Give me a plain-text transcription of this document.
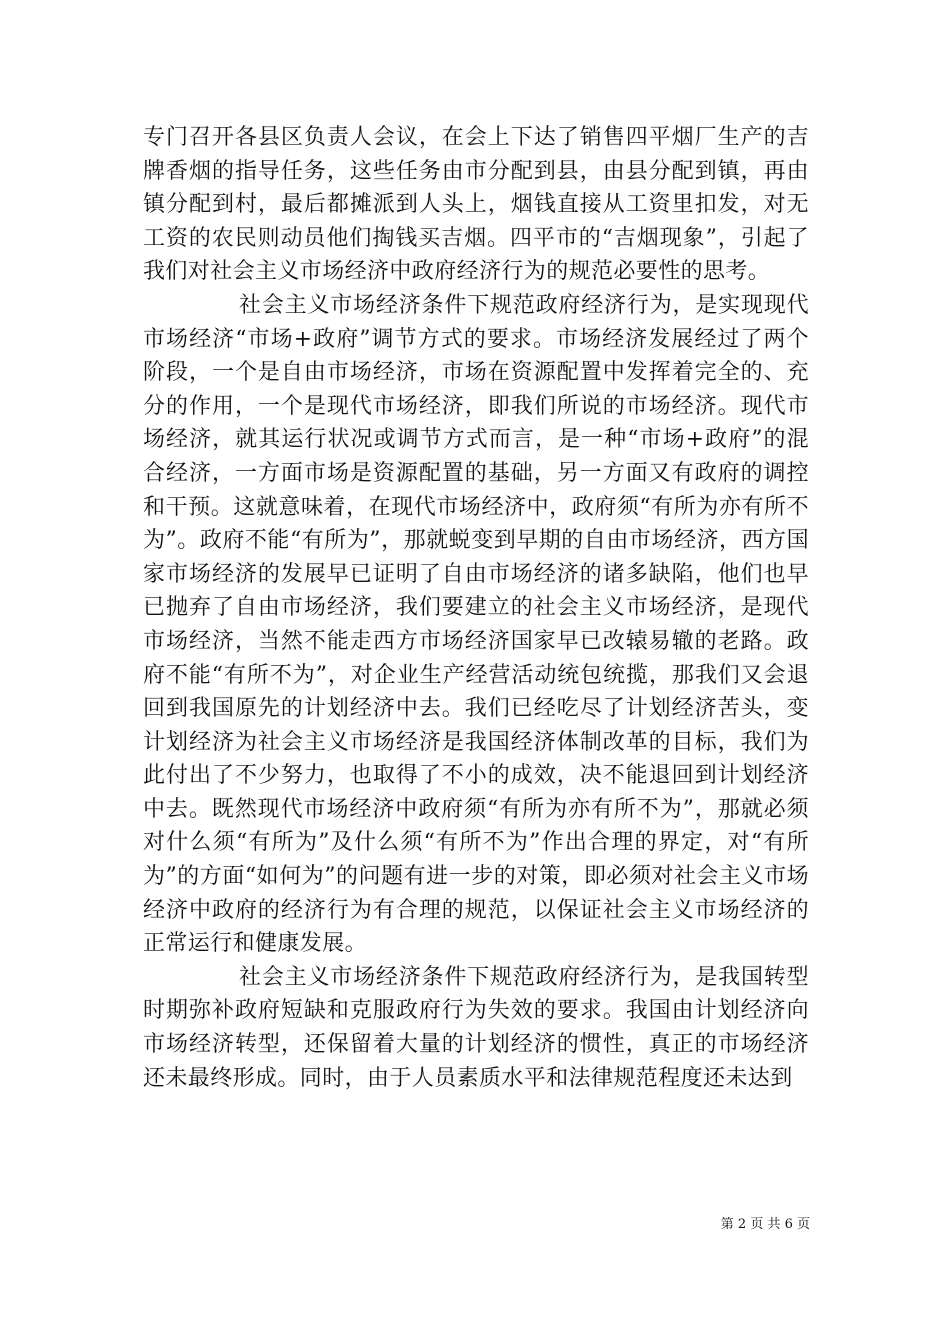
专门召开各县区负责人会议，在会上下达了销售四平烟厂生产的吉牌香烟的指导任务，这些任务由市分配到县，由县分配到镇，再由镇分配到村，最后都摊派到人头上，烟钱直接从工资里扣发，对无工资的农民则动员他们掏钱买吉烟。四平市的“吉烟现象”，引起了我们对社会主义市场经济中政府经济行为的规范必要性的思考。

社会主义市场经济条件下规范政府经济行为，是实现现代市场经济“市场+政府”调节方式的要求。市场经济发展经过了两个阶段，一个是自由市场经济，市场在资源配置中发挥着完全的、充分的作用，一个是现代市场经济，即我们所说的市场经济。现代市场经济，就其运行状况或调节方式而言，是一种“市场+政府”的混合经济，一方面市场是资源配置的基础，另一方面又有政府的调控和干预。这就意味着，在现代市场经济中，政府须“有所为亦有所不为”。政府不能“有所为”，那就蜕变到早期的自由市场经济，西方国家市场经济的发展早已证明了自由市场经济的诸多缺陷，他们也早已抛弃了自由市场经济，我们要建立的社会主义市场经济，是现代市场经济，当然不能走西方市场经济国家早已改辕易辙的老路。政府不能“有所不为”，对企业生产经营活动统包统揽，那我们又会退回到我国原先的计划经济中去。我们已经吃尽了计划经济苦头，变计划经济为社会主义市场经济是我国经济体制改革的目标，我们为此付出了不少努力，也取得了不小的成效，决不能退回到计划经济中去。既然现代市场经济中政府须“有所为亦有所不为”，那就必须对什么须“有所为”及什么须“有所不为”作出合理的界定，对“有所为”的方面“如何为”的问题有进一步的对策，即必须对社会主义市场经济中政府的经济行为有合理的规范，以保证社会主义市场经济的正常运行和健康发展。

社会主义市场经济条件下规范政府经济行为，是我国转型时期弥补政府短缺和克服政府行为失效的要求。我国由计划经济向市场经济转型，还保留着大量的计划经济的惯性，真正的市场经济还未最终形成。同时，由于人员素质水平和法律规范程度还未达到

第 2 页 共 6 页
